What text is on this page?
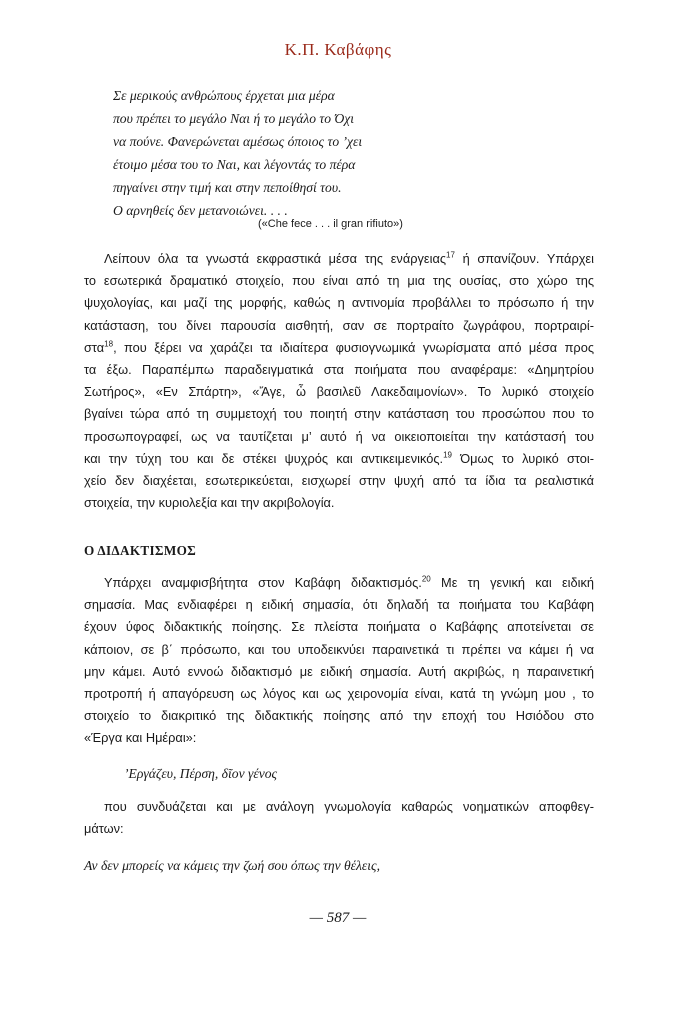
Κ.Π. Καβάφης
Σε μερικούς ανθρώπους έρχεται μια μέρα
που πρέπει το μεγάλο Ναι ή το μεγάλο το Όχι
να πούνε. Φανερώνεται αμέσως όποιος το ’χει
έτοιμο μέσα του το Ναι, και λέγοντάς το πέρα
πηγαίνει στην τιμή και στην πεποίθησί του.
Ο αρνηθείς δεν μετανοιώνει. . . .
(«Che fece . . . il gran rifiuto»)
Λείπουν όλα τα γνωστά εκφραστικά μέσα της ενάργειας$^{17}$ ή σπανίζουν. Υπάρχει
το εσωτερικά δραματικό στοιχείο, που είναι από τη μια της ουσίας, στο χώρο της
ψυχολογίας, και μαζί της μορφής, καθώς η αντινομία προβάλλει το πρόσωπο ή την
κατάσταση, του δίνει παρουσία αισθητή, σαν σε πορτραίτο ζωγράφου, πορτραιρί-
στα$^{18}$, που ξέρει να χαράζει τα ιδιαίτερα φυσιογνωμικά γνωρίσματα από μέσα προς
τα έξω. Παραπέμπω παραδειγματικά στα ποιήματα που αναφέραμε: «Δημητρίου
Σωτήρος», «Εν Σπάρτη», «Ἄγε, ὦ βασιλεῦ Λακεδαιμονίων». Το λυρικό στοιχείο
βγαίνει τώρα από τη συμμετοχή του ποιητή στην κατάσταση του προσώπου που το
προσωπογραφεί, ως να ταυτίζεται μ’ αυτό ή να οικειοποιείται την κατάστασή του
και την τύχη του και δε στέκει ψυχρός και αντικειμενικός.$^{19}$ Όμως το λυρικό στοι-
χείο δεν διαχέεται, εσωτερικεύεται, εισχωρεί στην ψυχή από τα ίδια τα ρεαλιστικά
στοιχεία, την κυριολεξία και την ακριβολογία.
Ο ΔΙΔΑΚΤΙΣΜΟΣ
Υπάρχει αναμφισβήτητα στον Καβάφη διδακτισμός.$^{20}$ Με τη γενική και ειδική
σημασία. Μας ενδιαφέρει η ειδική σημασία, ότι δηλαδή τα ποιήματα του Καβάφη
έχουν ύφος διδακτικής ποίησης. Σε πλείστα ποιήματα ο Καβάφης αποτείνεται σε
κάποιον, σε β΄ πρόσωπο, και του υποδεικνύει παραινετικά τι πρέπει να κάμει ή να
μην κάμει. Αυτό εννοώ διδακτισμό με ειδική σημασία. Αυτή ακριβώς, η παραινετική
προτροπή ή απαγόρευση ως λόγος και ως χειρονομία είναι, κατά τη γνώμη μου , το
στοιχείο το διακριτικό της διδακτικής ποίησης από την εποχή του Ησιόδου στο
«Έργα και Ημέραι»:
’Εργάζευ, Πέρση, δῖον γένος
που συνδυάζεται και με ανάλογη γνωμολογία καθαρώς νοηματικών αποφθεγ-
μάτων:
Αν δεν μπορείς να κάμεις την ζωή σου όπως την θέλεις,
— 587 —
